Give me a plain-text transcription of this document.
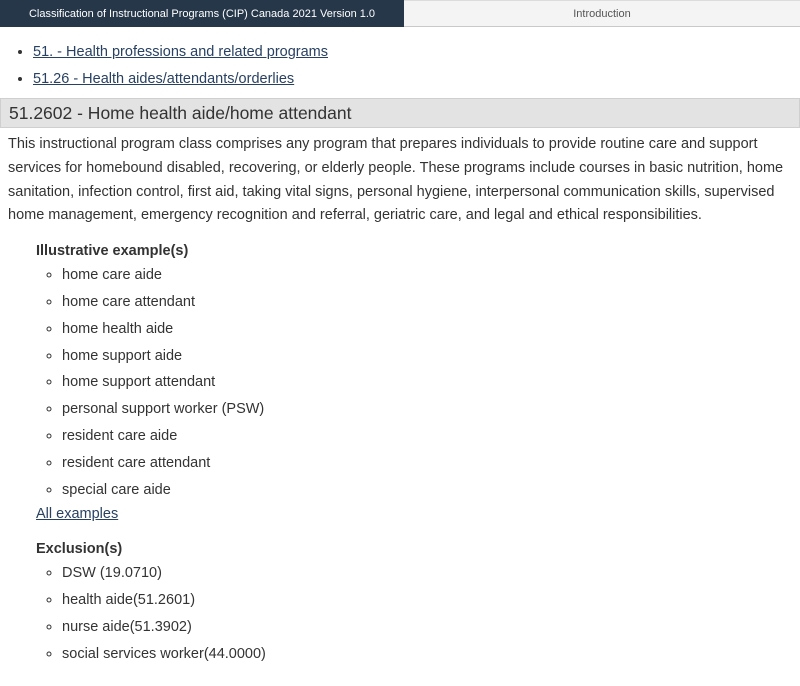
Classification of Instructional Programs (CIP) Canada 2021 Version 1.0	Introduction
• 51. - Health professions and related programs
• 51.26 - Health aides/attendants/orderlies
51.2602 - Home health aide/home attendant

This instructional program class comprises any program that prepares individuals to provide routine care and support services for homebound disabled, recovering, or elderly people. These programs include courses in basic nutrition, home sanitation, infection control, first aid, taking vital signs, personal hygiene, interpersonal communication skills, supervised home management, emergency recognition and referral, geriatric care, and legal and ethical responsibilities.

Illustrative example(s)
◦ home care aide
◦ home care attendant
◦ home health aide
◦ home support aide
◦ home support attendant
◦ personal support worker (PSW)
◦ resident care aide
◦ resident care attendant
◦ special care aide
All examples
Exclusion(s)
◦ DSW (19.0710)
◦ health aide(51.2601)
◦ nurse aide(51.3902)
◦ social services worker(44.0000)
